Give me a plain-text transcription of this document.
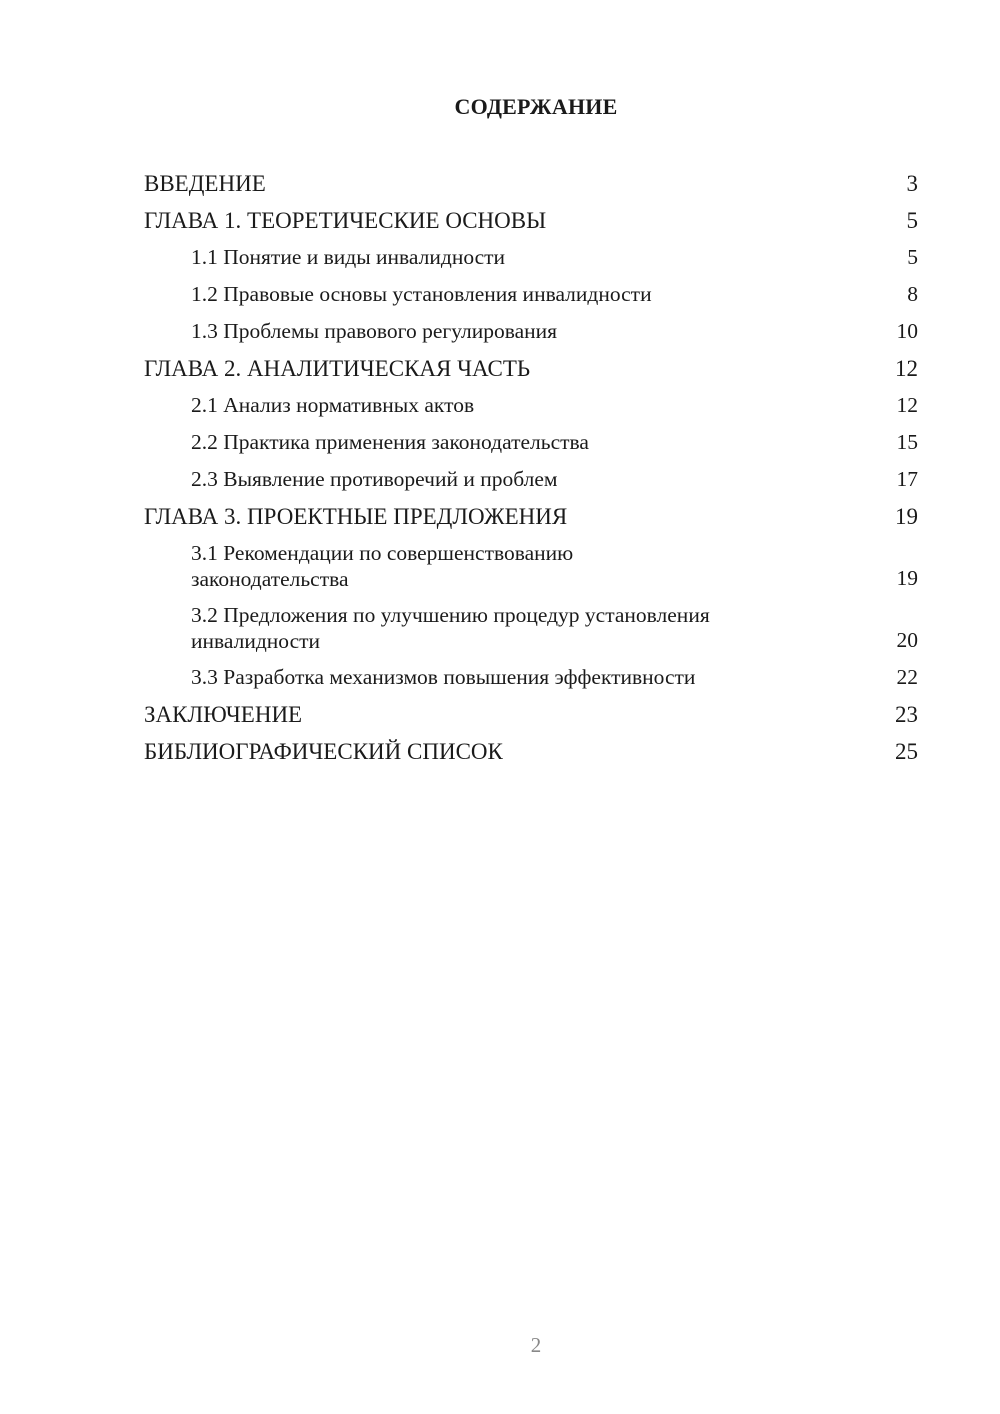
СОДЕРЖАНИЕ
ВВЕДЕНИЕ	3
ГЛАВА 1. ТЕОРЕТИЧЕСКИЕ ОСНОВЫ	5
1.1 Понятие и виды инвалидности	5
1.2 Правовые основы установления инвалидности	8
1.3 Проблемы правового регулирования	10
ГЛАВА 2. АНАЛИТИЧЕСКАЯ ЧАСТЬ	12
2.1 Анализ нормативных актов	12
2.2 Практика применения законодательства	15
2.3 Выявление противоречий и проблем	17
ГЛАВА 3. ПРОЕКТНЫЕ ПРЕДЛОЖЕНИЯ	19
3.1 Рекомендации по совершенствованию законодательства	19
3.2 Предложения по улучшению процедур установления инвалидности	20
3.3 Разработка механизмов повышения эффективности	22
ЗАКЛЮЧЕНИЕ	23
БИБЛИОГРАФИЧЕСКИЙ СПИСОК	25
2
